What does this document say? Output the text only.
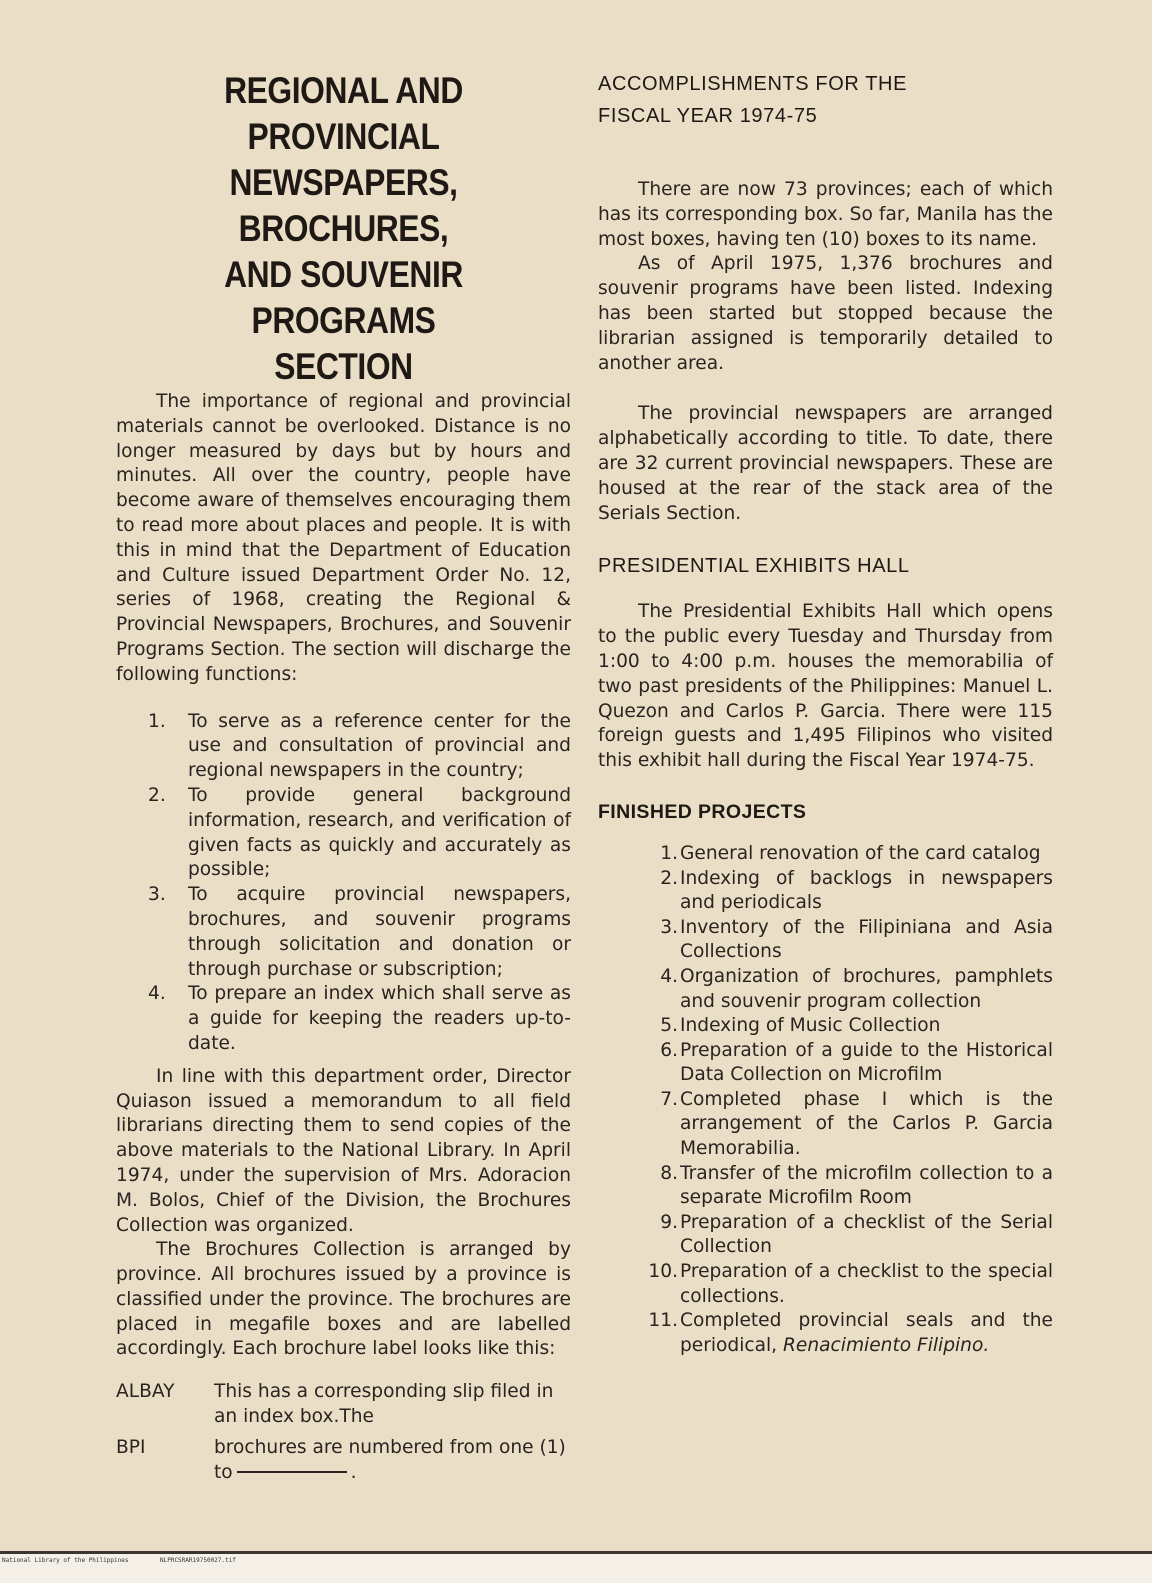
REGIONAL AND PROVINCIAL
NEWSPAPERS, BROCHURES,
AND SOUVENIR PROGRAMS
SECTION

The importance of regional and provincial materials cannot be overlooked. Distance is no longer measured by days but by hours and minutes. All over the country, people have become aware of themselves encouraging them to read more about places and people. It is with this in mind that the Department of Education and Culture issued Department Order No. 12, series of 1968, creating the Regional & Provincial Newspapers, Brochures, and Souvenir Programs Section. The section will discharge the following functions:

1. To serve as a reference center for the use and consultation of provincial and regional newspapers in the country;
2. To provide general background information, research, and verification of given facts as quickly and accurately as possible;
3. To acquire provincial newspapers, brochures, and souvenir programs through solicitation and donation or through purchase or subscription;
4. To prepare an index which shall serve as a guide for keeping the readers up-to-date.

In line with this department order, Director Quiason issued a memorandum to all field librarians directing them to send copies of the above materials to the National Library. In April 1974, under the supervision of Mrs. Adoracion M. Bolos, Chief of the Division, the Brochures Collection was organized.

The Brochures Collection is arranged by province. All brochures issued by a province is classified under the province. The brochures are placed in megafile boxes and are labelled accordingly. Each brochure label looks like this:

ALBAY	This has a corresponding slip filed in an index box.The
BPI	brochures are numbered from one (1) to	.
ACCOMPLISHMENTS FOR THE FISCAL YEAR 1974-75

There are now 73 provinces; each of which has its corresponding box. So far, Manila has the most boxes, having ten (10) boxes to its name.

As of April 1975, 1,376 brochures and souvenir programs have been listed. Indexing has been started but stopped because the librarian assigned is temporarily detailed to another area.

The provincial newspapers are arranged alphabetically according to title. To date, there are 32 current provincial newspapers. These are housed at the rear of the stack area of the Serials Section.

PRESIDENTIAL EXHIBITS HALL

The Presidential Exhibits Hall which opens to the public every Tuesday and Thursday from 1:00 to 4:00 p.m. houses the memorabilia of two past presidents of the Philippines: Manuel L. Quezon and Carlos P. Garcia. There were 115 foreign guests and 1,495 Filipinos who visited this exhibit hall during the Fiscal Year 1974-75.

FINISHED PROJECTS
1. General renovation of the card catalog
2. Indexing of backlogs in newspapers and periodicals
3. Inventory of the Filipiniana and Asia Collections
4. Organization of brochures, pamphlets and souvenir program collection
5. Indexing of Music Collection
6. Preparation of a guide to the Historical Data Collection on Microfilm
7. Completed phase I which is the arrangement of the Carlos P. Garcia Memorabilia.
8. Transfer of the microfilm collection to a separate Microfilm Room
9. Preparation of a checklist of the Serial Collection
10. Preparation of a checklist to the special collections.
11. Completed provincial seals and the periodical, Renacimiento Filipino.
National Library of the Philippines	NLPRCSRAR19750027.tif
